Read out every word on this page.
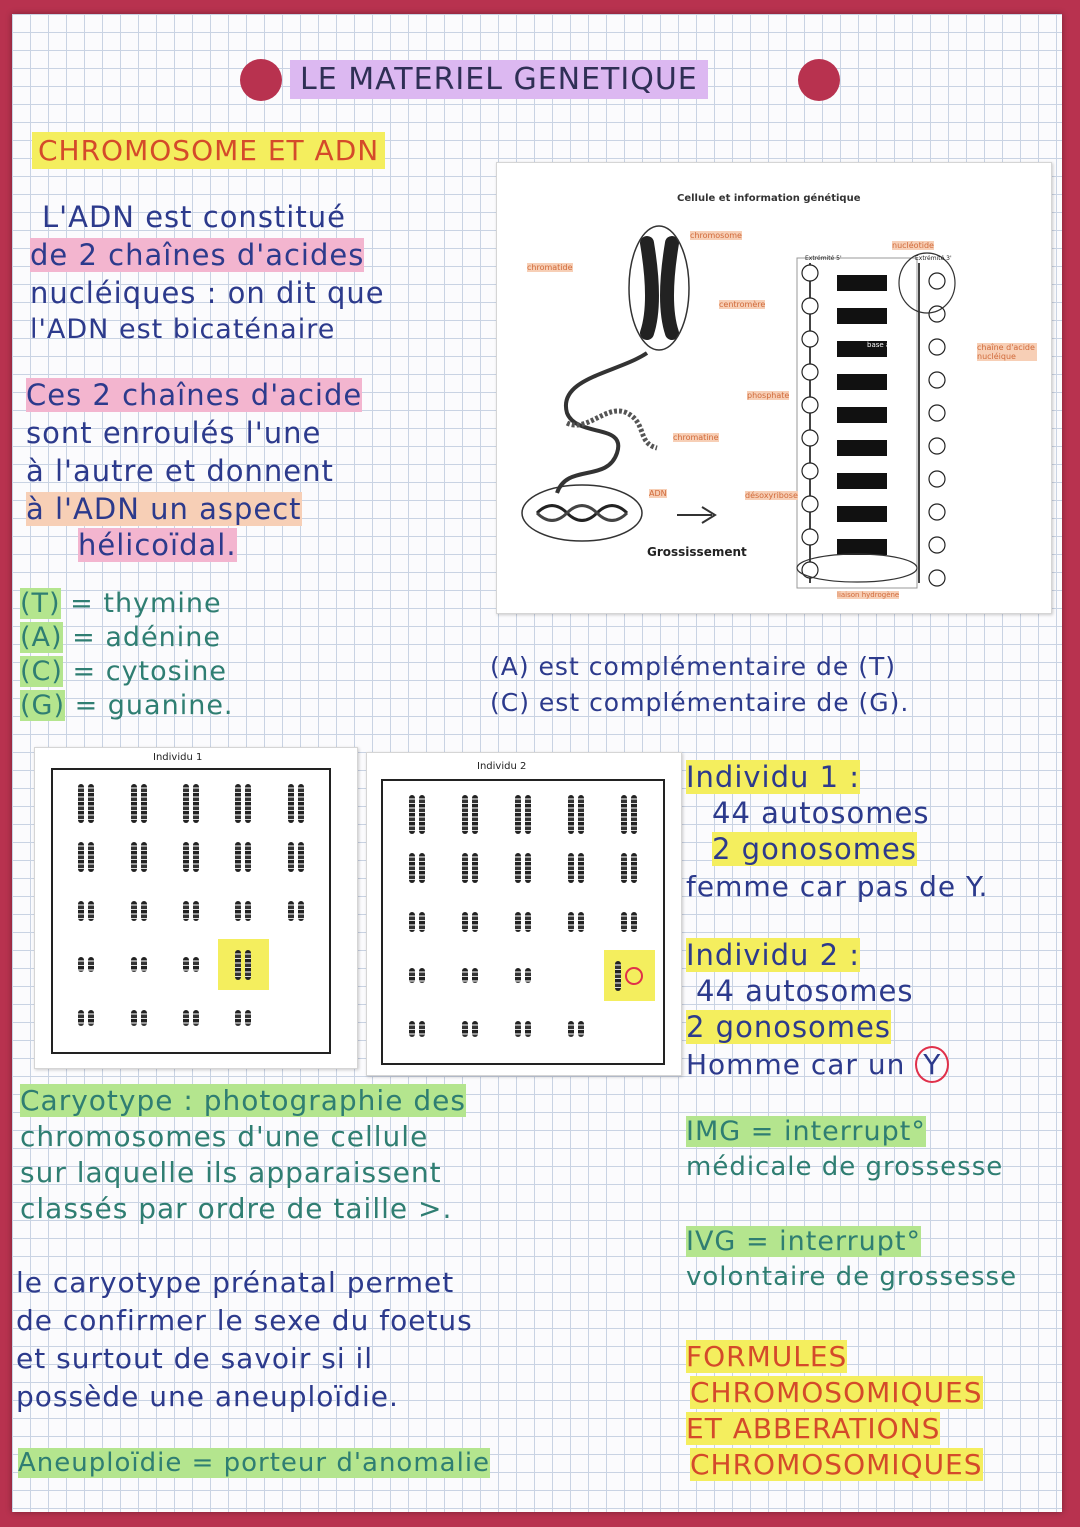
LE MATERIEL GENETIQUE
CHROMOSOME ET ADN
L'ADN est constitué
de 2 chaînes d'acides
nucléiques : on dit que
l'ADN est bicaténaire
Ces 2 chaînes d'acide
sont enroulés l'une
à l'autre et donnent
à l'ADN un aspect
hélicoïdal.
Cellule et information génétique
chromosome
chromatide
centromère
phosphate
chromatine
ADN	désoxyribose
nucléotide
chaîne d'acide nucléique
base azotée
Extrémité 5'	Extrémité 3'
liaison hydrogène
Grossissement
(T) = thymine
(A) = adénine
(C) = cytosine
(G) = guanine.
(A) est complémentaire de (T)
(C) est complémentaire de (G).
Individu 1
Individu 2	Individu 1 :
44 autosomes
2 gonosomes
femme car pas de Y.
Individu 2 :
44 autosomes
2 gonosomes
Homme car un Y
Caryotype : photographie des
chromosomes d'une cellule
sur laquelle ils apparaissent
classés par ordre de taille >.
IMG = interrupt°
médicale de grossesse
IVG = interrupt°
volontaire de grossesse
le caryotype prénatal permet
de confirmer le sexe du foetus
et surtout de savoir si il
possède une aneuploïdie.
Aneuploïdie = porteur d'anomalie
FORMULES
CHROMOSOMIQUES
ET ABBERATIONS
CHROMOSOMIQUES
